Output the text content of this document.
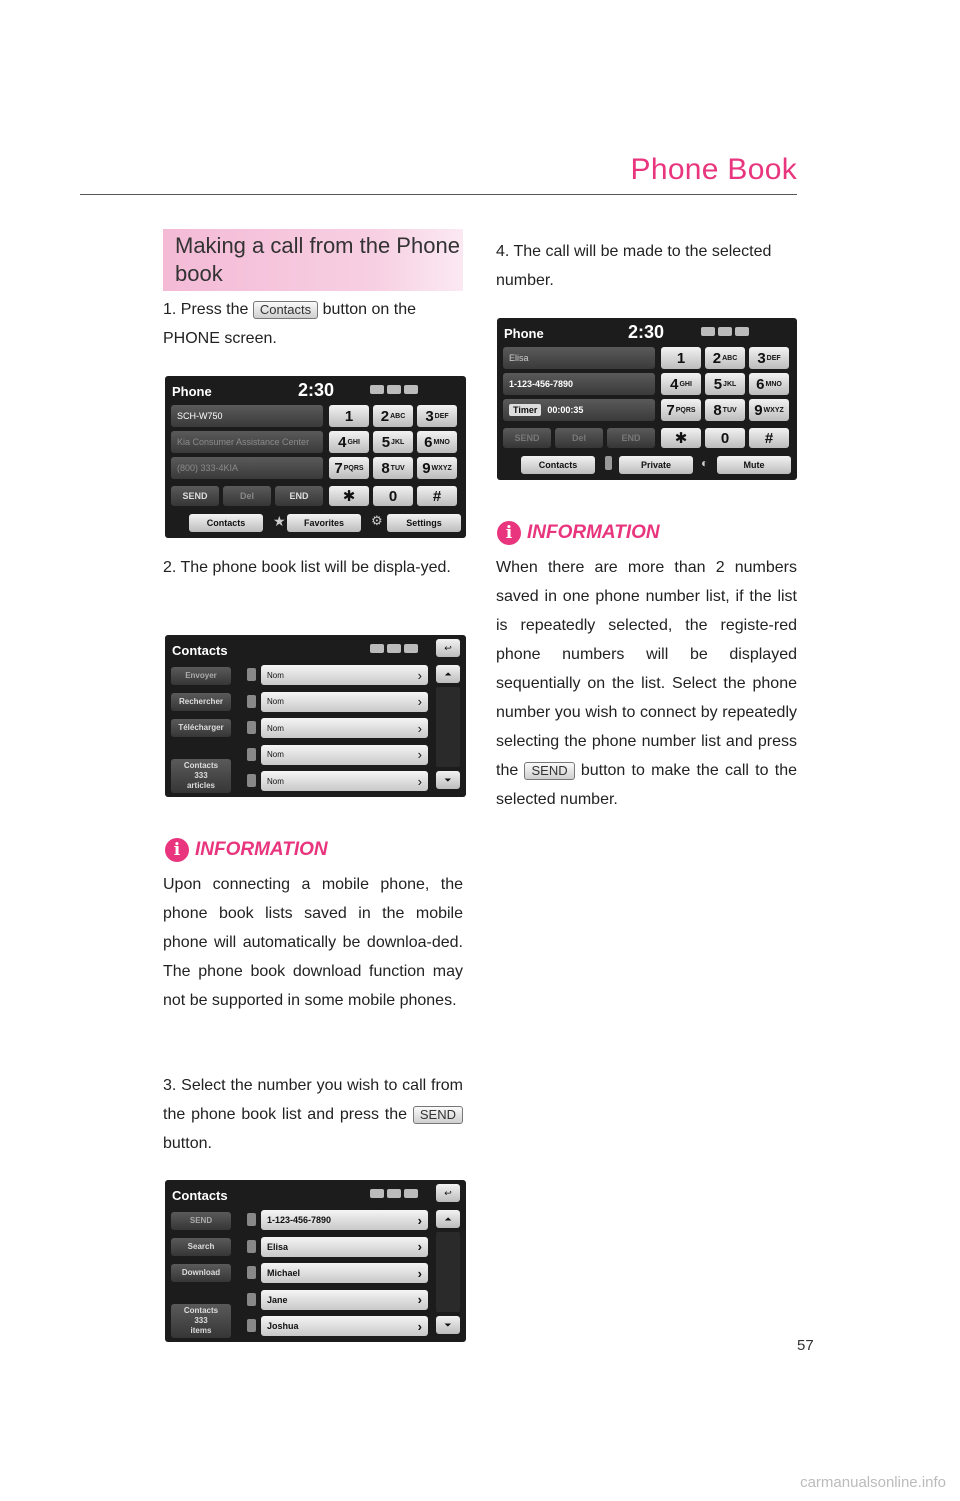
Phone Book
Making a call from the Phone book
1. Press the Contacts button on the PHONE screen.
Phone	2:30
SCH-W750
Kia Consumer Assistance Center
(800) 333-4KIA
1 2 ABC 3 DEF
4 GHI 5 JKL 6 MNO
7 PQRS 8 TUV 9 WXYZ
✱ 0 #
SEND	Del	END
Contacts	★	Favorites	⚙	Settings
2. The phone book list will be displa-yed.
Contacts	↩
Envoyer
Rechercher
Télécharger
Contacts
333
articles
Nom	›
Nom	›
Nom	›
Nom	›
Nom	›
⏶
⏷
i INFORMATION
Upon connecting a mobile phone, the phone book lists saved in the mobile phone will automatically be downloa-ded. The phone book download function may not be supported in some mobile phones.
3. Select the number you wish to call from the phone book list and press the SEND button.
Contacts	↩
SEND
Search
Download
Contacts
333
items
1-123-456-7890	›
Elisa	›
Michael	›
Jane	›
Joshua	›
⏶
⏷
4. The call will be made to the selected number.
Phone	2:30
Elisa
1-123-456-7890
Timer	00:00:35
1 2 ABC 3 DEF
4 GHI 5 JKL 6 MNO
7 PQRS 8 TUV 9 WXYZ
✱ 0 #
SEND	Del	END
Contacts	Private	◐	Mute
i INFORMATION
When there are more than 2 numbers saved in one phone number list, if the list is repeatedly selected, the registe-red phone numbers will be displayed sequentially on the list. Select the phone number you wish to connect by repeatedly selecting the phone number list and press the SEND button to make the call to the selected number.
57
carmanualsonline.info
